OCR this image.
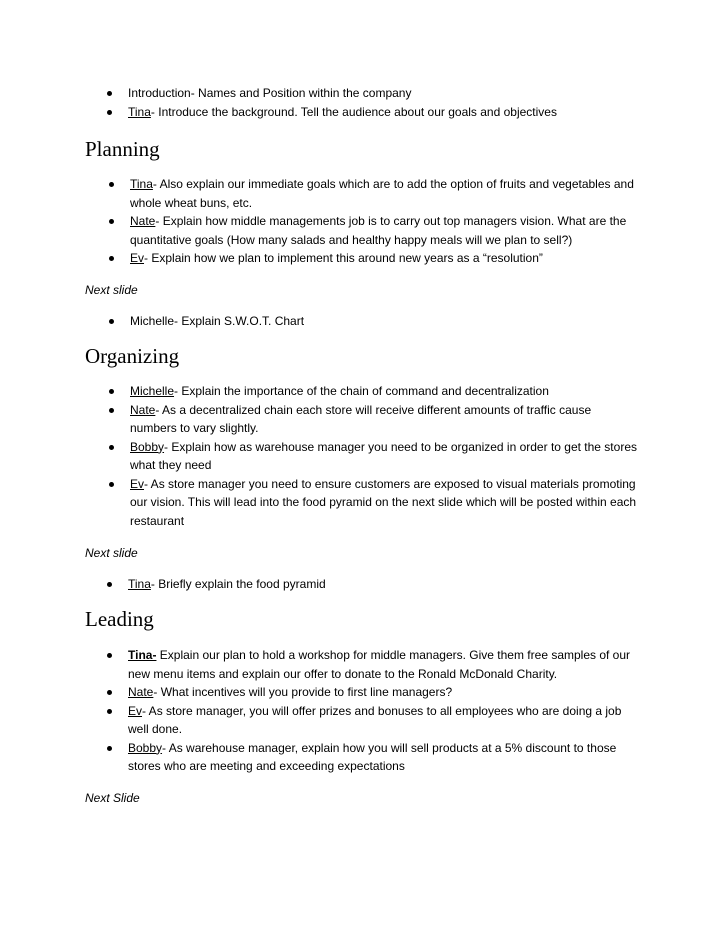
Introduction- Names and Position within the company
Tina- Introduce the background. Tell the audience about our goals and objectives
Planning
Tina- Also explain our immediate goals which are to add the option of fruits and vegetables and whole wheat buns, etc.
Nate- Explain how middle managements job is to carry out top managers vision. What are the quantitative goals (How many salads and healthy happy meals will we plan to sell?)
Ev- Explain how we plan to implement this around new years as a “resolution”
Next slide
Michelle- Explain S.W.O.T. Chart
Organizing
Michelle- Explain the importance of the chain of command and decentralization
Nate- As a decentralized chain each store will receive different amounts of traffic cause numbers to vary slightly.
Bobby- Explain how as warehouse manager you need to be organized in order to get the stores what they need
Ev- As store manager you need to ensure customers are exposed to visual materials promoting our vision. This will lead into the food pyramid on the next slide which will be posted within each restaurant
Next slide
Tina- Briefly explain the food pyramid
Leading
Tina- Explain our plan to hold a workshop for middle managers. Give them free samples of our new menu items and explain our offer to donate to the Ronald McDonald Charity.
Nate- What incentives will you provide to first line managers?
Ev- As store manager, you will offer prizes and bonuses to all employees who are doing a job well done.
Bobby- As warehouse manager, explain how you will sell products at a 5% discount to those stores who are meeting and exceeding expectations
Next Slide
